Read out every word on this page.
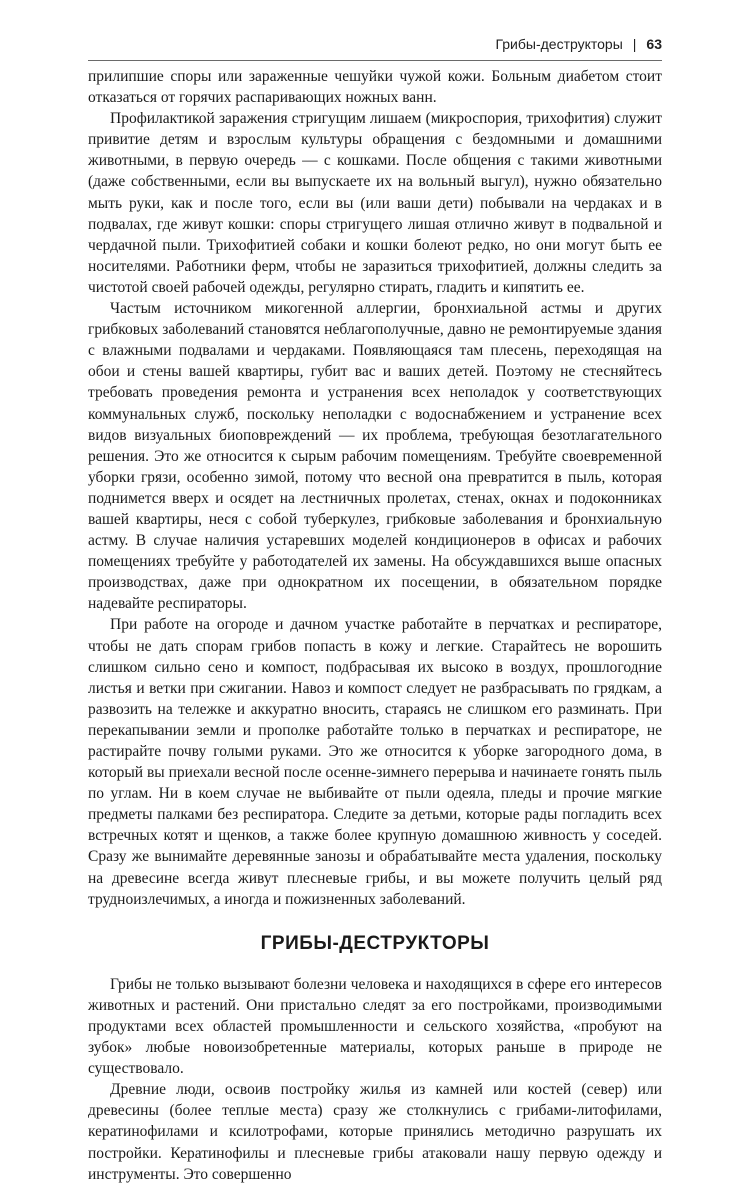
Грибы-деструкторы | 63

прилипшие споры или зараженные чешуйки чужой кожи. Больным диабетом стоит отказаться от горячих распаривающих ножных ванн.

Профилактикой заражения стригущим лишаем (микроспория, трихофития) служит привитие детям и взрослым культуры обращения с бездомными и домашними животными, в первую очередь — с кошками. После общения с такими животными (даже собственными, если вы выпускаете их на вольный выгул), нужно обязательно мыть руки, как и после того, если вы (или ваши дети) побывали на чердаках и в подвалах, где живут кошки: споры стригущего лишая отлично живут в подвальной и чердачной пыли. Трихофитией собаки и кошки болеют редко, но они могут быть ее носителями. Работники ферм, чтобы не заразиться трихофитией, должны следить за чистотой своей рабочей одежды, регулярно стирать, гладить и кипятить ее.

Частым источником микогенной аллергии, бронхиальной астмы и других грибковых заболеваний становятся неблагополучные, давно не ремонтируемые здания с влажными подвалами и чердаками. Появляющаяся там плесень, переходящая на обои и стены вашей квартиры, губит вас и ваших детей. Поэтому не стесняйтесь требовать проведения ремонта и устранения всех неполадок у соответствующих коммунальных служб, поскольку неполадки с водоснабжением и устранение всех видов визуальных биоповреждений — их проблема, требующая безотлагательного решения. Это же относится к сырым рабочим помещениям. Требуйте своевременной уборки грязи, особенно зимой, потому что весной она превратится в пыль, которая поднимется вверх и осядет на лестничных пролетах, стенах, окнах и подоконниках вашей квартиры, неся с собой туберкулез, грибковые заболевания и бронхиальную астму. В случае наличия устаревших моделей кондиционеров в офисах и рабочих помещениях требуйте у работодателей их замены. На обсуждавшихся выше опасных производствах, даже при однократном их посещении, в обязательном порядке надевайте респираторы.

При работе на огороде и дачном участке работайте в перчатках и респираторе, чтобы не дать спорам грибов попасть в кожу и легкие. Старайтесь не ворошить слишком сильно сено и компост, подбрасывая их высоко в воздух, прошлогодние листья и ветки при сжигании. Навоз и компост следует не разбрасывать по грядкам, а развозить на тележке и аккуратно вносить, стараясь не слишком его разминать. При перекапывании земли и прополке работайте только в перчатках и респираторе, не растирайте почву голыми руками. Это же относится к уборке загородного дома, в который вы приехали весной после осенне-зимнего перерыва и начинаете гонять пыль по углам. Ни в коем случае не выбивайте от пыли одеяла, пледы и прочие мягкие предметы палками без респиратора. Следите за детьми, которые рады погладить всех встречных котят и щенков, а также более крупную домашнюю живность у соседей. Сразу же вынимайте деревянные занозы и обрабатывайте места удаления, поскольку на древесине всегда живут плесневые грибы, и вы можете получить целый ряд трудноизлечимых, а иногда и пожизненных заболеваний.

ГРИБЫ-ДЕСТРУКТОРЫ

Грибы не только вызывают болезни человека и находящихся в сфере его интересов животных и растений. Они пристально следят за его постройками, производимыми продуктами всех областей промышленности и сельского хозяйства, «пробуют на зубок» любые новоизобретенные материалы, которых раньше в природе не существовало.

Древние люди, освоив постройку жилья из камней или костей (север) или древесины (более теплые места) сразу же столкнулись с грибами-литофилами, кератинофилами и ксилотрофами, которые принялись методично разрушать их постройки. Кератинофилы и плесневые грибы атаковали нашу первую одежду и инструменты. Это совершенно
